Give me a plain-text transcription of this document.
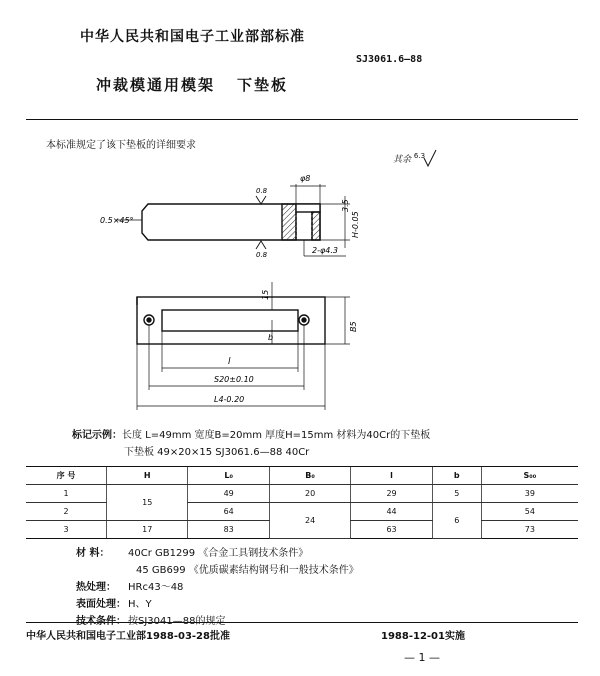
中华人民共和国电子工业部部标准
SJ3061.6—88
冲裁模通用模架 下垫板
本标准规定了该下垫板的详细要求
其余 $^{6.3}$
0.5×45°
0.8
0.8
φ8
3.5
H-0.05
2-φ4.3
B5
15
b
l
S20±0.10
L4-0.20
标记示例：长度 L=49mm 宽度B=20mm 厚度H=15mm 材料为40Cr的下垫板
下垫板 49×20×15 SJ3061.6—88 40Cr
序 号	H	L₀	B₀	l	b	S₀₀
1	15	49	20	29	5	39
2		64	24	44	6	54
3	17	83		63		73
材 料： 40Cr GB1299 《合金工具钢技术条件》
45 GB699 《优质碳素结构钢号和一般技术条件》
热处理： HRc43～48
表面处理： H、Y
技术条件： 按SJ3041—88的规定
中华人民共和国电子工业部1988-03-28批准	1988-12-01实施
— 1 —
